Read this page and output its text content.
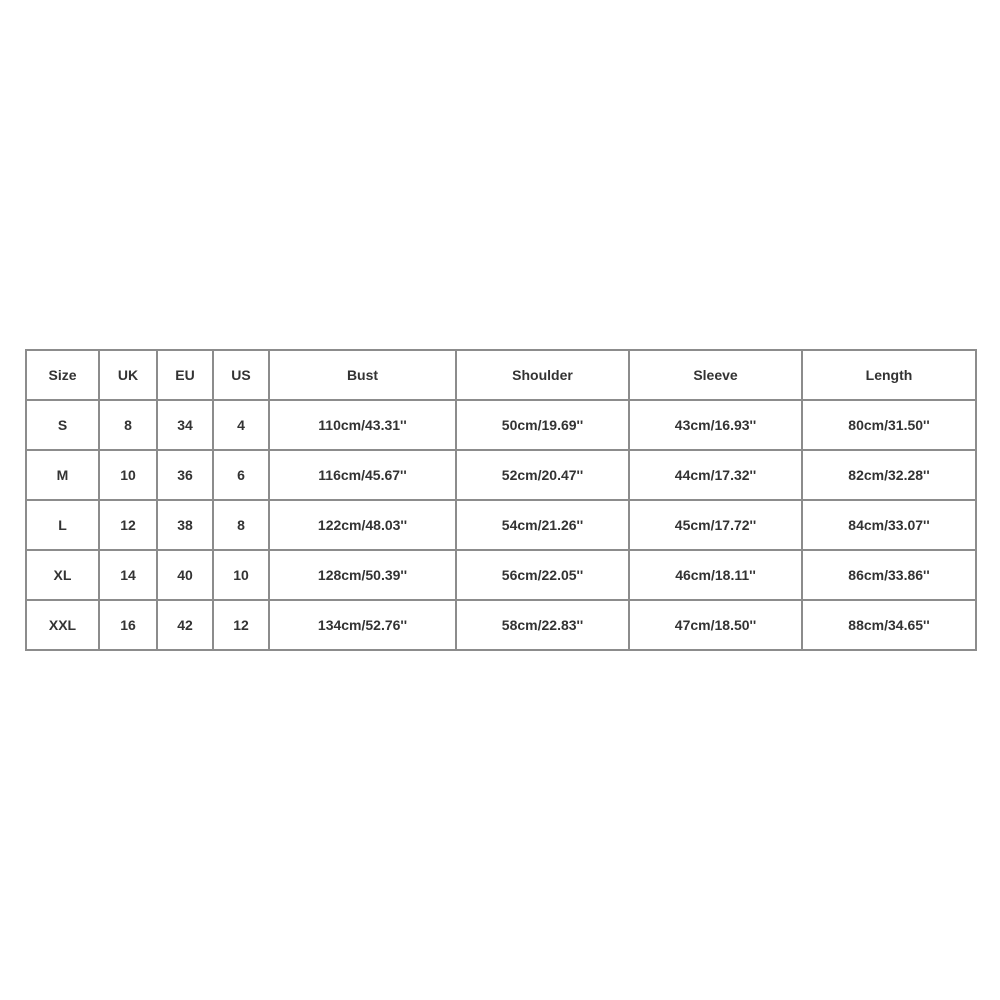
Size	UK	EU	US	Bust	Shoulder	Sleeve	Length
S	8	34	4	110cm/43.31''	50cm/19.69''	43cm/16.93''	80cm/31.50''
M	10	36	6	116cm/45.67''	52cm/20.47''	44cm/17.32''	82cm/32.28''
L	12	38	8	122cm/48.03''	54cm/21.26''	45cm/17.72''	84cm/33.07''
XL	14	40	10	128cm/50.39''	56cm/22.05''	46cm/18.11''	86cm/33.86''
XXL	16	42	12	134cm/52.76''	58cm/22.83''	47cm/18.50''	88cm/34.65''
